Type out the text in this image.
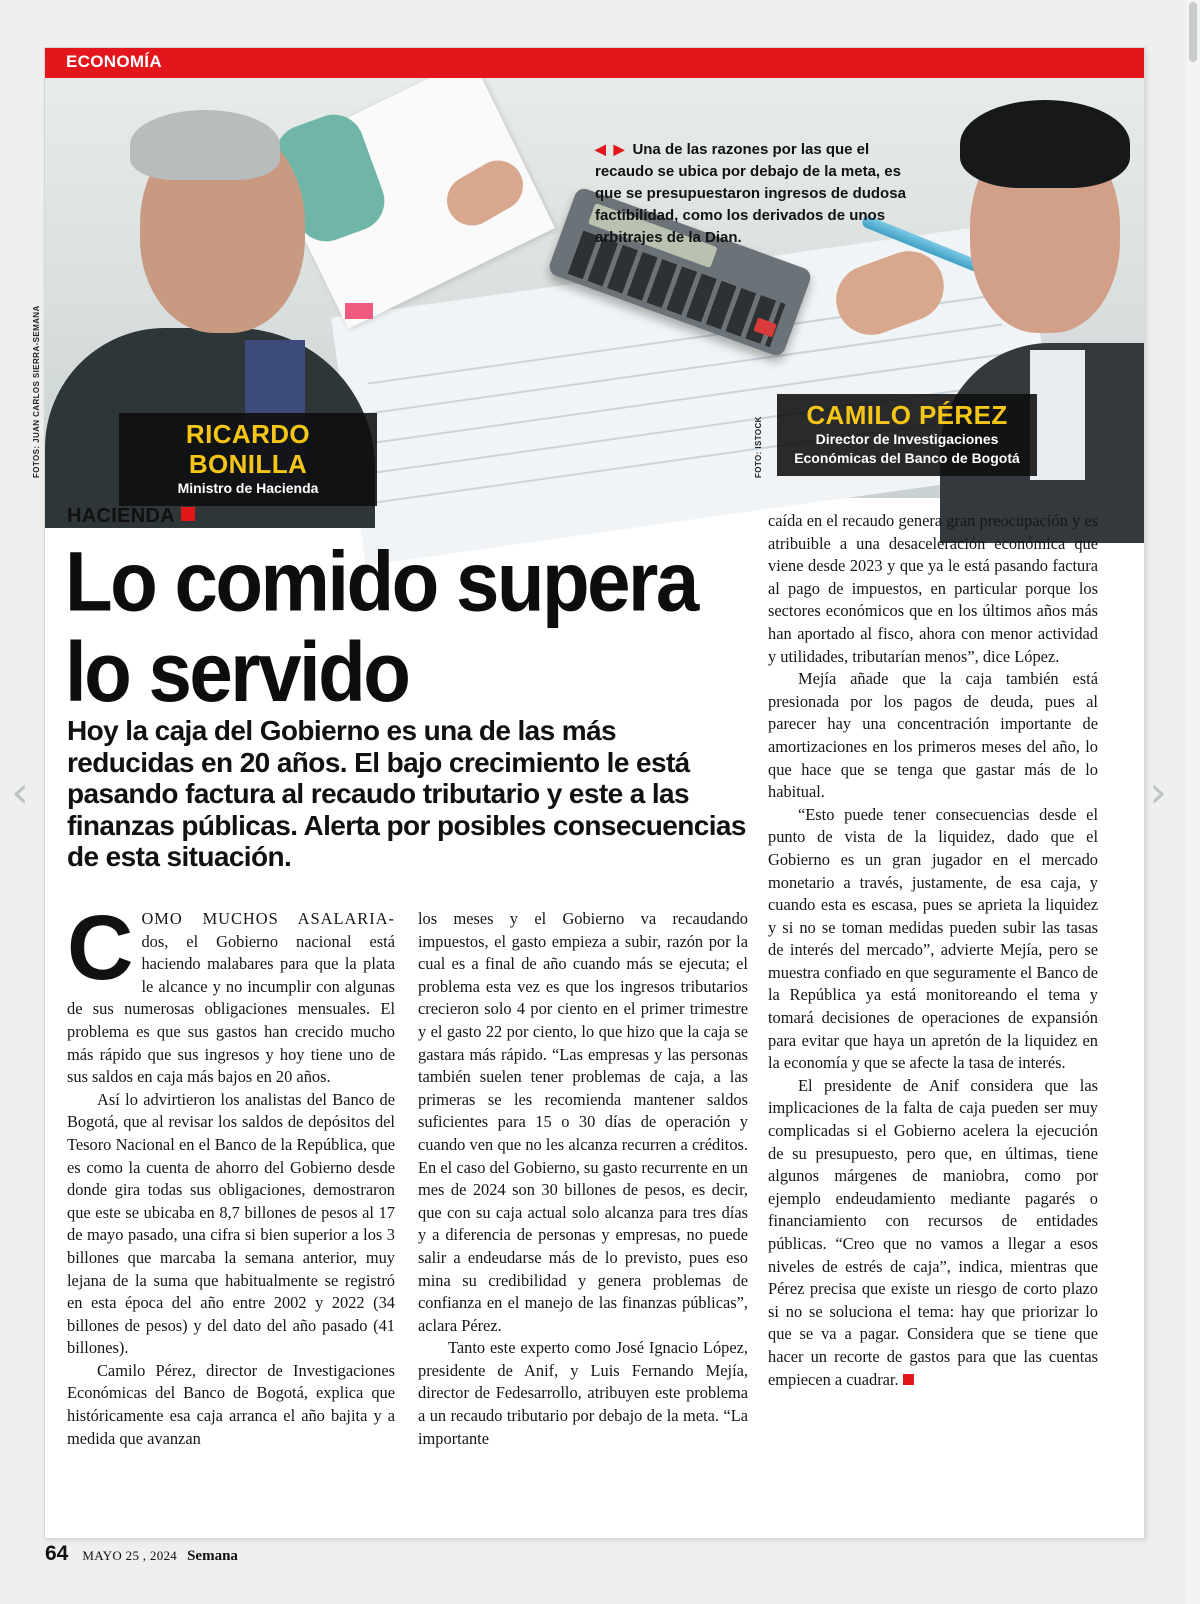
‹	›
ECONOMÍA
◀ ▶ Una de las razones por las que el recaudo se ubica por debajo de la meta, es que se presupuestaron ingresos de dudosa factibilidad, como los derivados de unos arbitrajes de la Dian.
RICARDO BONILLA
Ministro de Hacienda
CAMILO PÉREZ
Director de Investigaciones
Económicas del Banco de Bogotá
FOTOS: JUAN CARLOS SIERRA-SEMANA	FOTO: ISTOCK
HACIENDA
Lo comido supera
lo servido

Hoy la caja del Gobierno es una de las más reducidas en 20 años. El bajo crecimiento le está pasando factura al recaudo tributario y este a las finanzas públicas. Alerta por posibles consecuencias de esta situación.

COMO MUCHOS ASALARIA- dos, el Gobierno nacional está haciendo malabares para que la plata le alcance y no incumplir con algunas de sus numerosas obligaciones mensuales. El problema es que sus gastos han crecido mucho más rápido que sus ingresos y hoy tiene uno de sus saldos en caja más bajos en 20 años.

Así lo advirtieron los analistas del Banco de Bogotá, que al revisar los saldos de depósitos del Tesoro Nacional en el Banco de la República, que es como la cuenta de ahorro del Gobierno desde donde gira todas sus obligaciones, demostraron que este se ubicaba en 8,7 billones de pesos al 17 de mayo pasado, una cifra si bien superior a los 3 billones que marcaba la semana anterior, muy lejana de la suma que habitualmente se registró en esta época del año entre 2002 y 2022 (34 billones de pesos) y del dato del año pasado (41 billones).

Camilo Pérez, director de Investigaciones Económicas del Banco de Bogotá, explica que históricamente esa caja arranca el año bajita y a medida que avanzan

los meses y el Gobierno va recaudando impuestos, el gasto empieza a subir, razón por la cual es a final de año cuando más se ejecuta; el problema esta vez es que los ingresos tributarios crecieron solo 4 por ciento en el primer trimestre y el gasto 22 por ciento, lo que hizo que la caja se gastara más rápido. “Las empresas y las personas también suelen tener problemas de caja, a las primeras se les recomienda mantener saldos suficientes para 15 o 30 días de operación y cuando ven que no les alcanza recurren a créditos. En el caso del Gobierno, su gasto recurrente en un mes de 2024 son 30 billones de pesos, es decir, que con su caja actual solo alcanza para tres días y a diferencia de personas y empresas, no puede salir a endeudarse más de lo previsto, pues eso mina su credibilidad y genera problemas de confianza en el manejo de las finanzas públicas”, aclara Pérez.

Tanto este experto como José Ignacio López, presidente de Anif, y Luis Fernando Mejía, director de Fedesarrollo, atribuyen este problema a un recaudo tributario por debajo de la meta. “La importante

caída en el recaudo genera gran preocupación y es atribuible a una desaceleración económica que viene desde 2023 y que ya le está pasando factura al pago de impuestos, en particular porque los sectores económicos que en los últimos años más han aportado al fisco, ahora con menor actividad y utilidades, tributarían menos”, dice López.

Mejía añade que la caja también está presionada por los pagos de deuda, pues al parecer hay una concentración importante de amortizaciones en los primeros meses del año, lo que hace que se tenga que gastar más de lo habitual.

“Esto puede tener consecuencias desde el punto de vista de la liquidez, dado que el Gobierno es un gran jugador en el mercado monetario a través, justamente, de esa caja, y cuando esta es escasa, pues se aprieta la liquidez y si no se toman medidas pueden subir las tasas de interés del mercado”, advierte Mejía, pero se muestra confiado en que seguramente el Banco de la República ya está monitoreando el tema y tomará decisiones de operaciones de expansión para evitar que haya un apretón de la liquidez en la economía y que se afecte la tasa de interés.

El presidente de Anif considera que las implicaciones de la falta de caja pueden ser muy complicadas si el Gobierno acelera la ejecución de su presupuesto, pero que, en últimas, tiene algunos márgenes de maniobra, como por ejemplo endeudamiento mediante pagarés o financiamiento con recursos de entidades públicas. “Creo que no vamos a llegar a esos niveles de estrés de caja”, indica, mientras que Pérez precisa que existe un riesgo de corto plazo si no se soluciona el tema: hay que priorizar lo que se va a pagar. Considera que se tiene que hacer un recorte de gastos para que las cuentas empiecen a cuadrar.

64 MAYO 25 , 2024 Semana
